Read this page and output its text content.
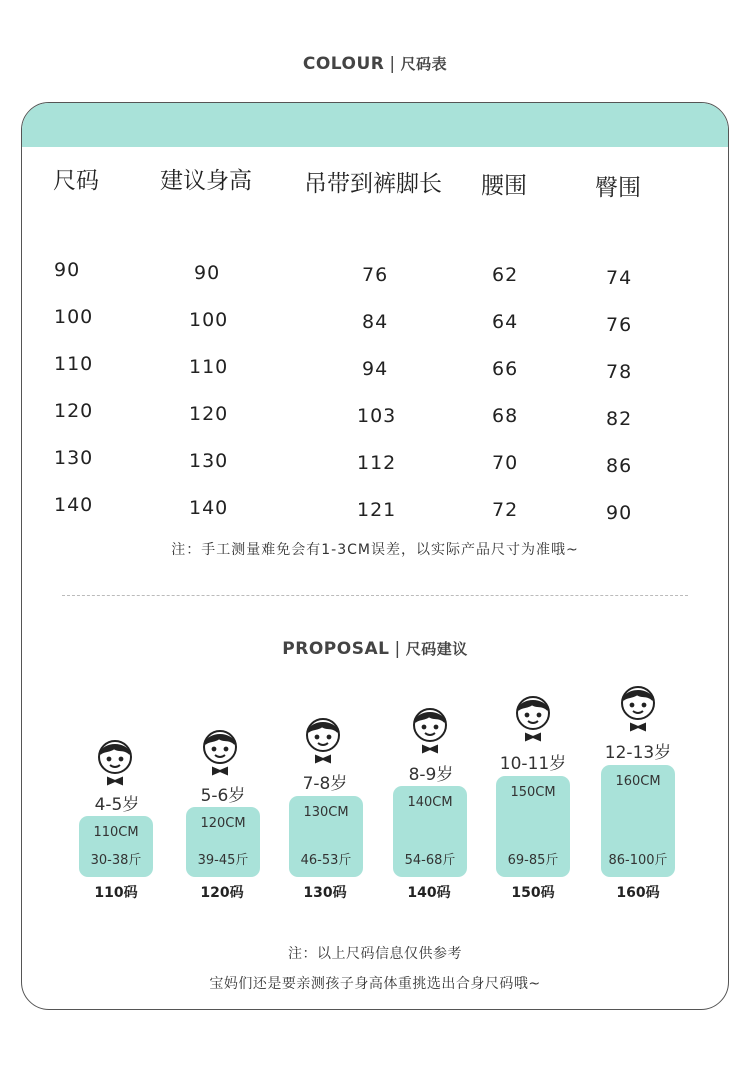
COLOUR | 尺码表
尺码	建议身高 吊带到裤脚长 腰围	臀围
90	90	76	62	74
100	100	84	64	76
110	110	94	66	78
120	120	103	68	82
130	130	112	70	86
140	140	121	72	90
注：手工测量难免会有1-3CM误差，以实际产品尺寸为准哦~
PROPOSAL | 尺码建议
4-5岁
110CM
30-38斤
110码
5-6岁
120CM
39-45斤
120码
7-8岁
130CM
46-53斤
130码
8-9岁
140CM
54-68斤
140码
10-11岁
150CM
69-85斤
150码
12-13岁
160CM
86-100斤
160码
注：以上尺码信息仅供参考
宝妈们还是要亲测孩子身高体重挑选出合身尺码哦~
